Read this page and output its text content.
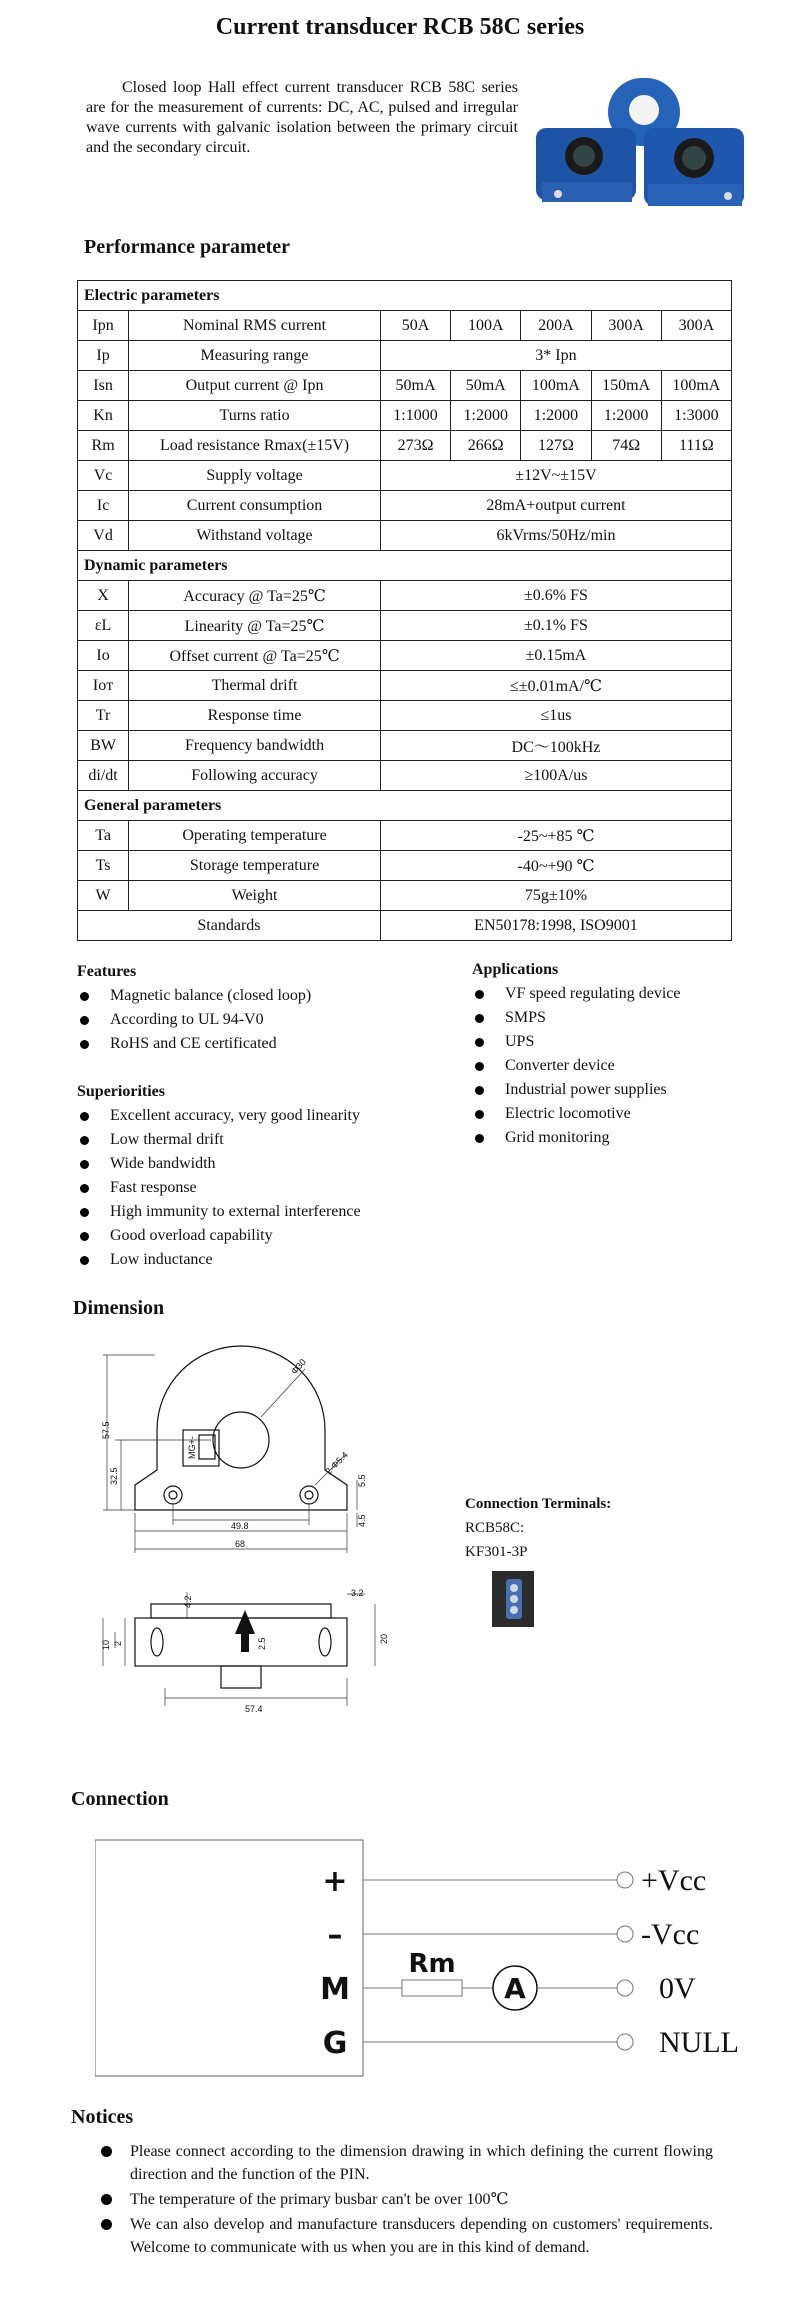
Current transducer RCB 58C series

Closed loop Hall effect current transducer RCB 58C series are for the measurement of currents: DC, AC, pulsed and irregular wave currents with galvanic isolation between the primary circuit and the secondary circuit.

Performance parameter
Electric parameters						
Ipn	Nominal RMS current	50A	100A	200A	300A	300A
Ip	Measuring range	3* Ipn				
Isn	Output current @ Ipn	50mA	50mA	100mA	150mA	100mA
Kn	Turns ratio	1:1000	1:2000	1:2000	1:2000	1:3000
Rm	Load resistance Rmax(±15V)	273Ω	266Ω	127Ω	74Ω	111Ω
Vc	Supply voltage	±12V~±15V				
Ic	Current consumption	28mA+output current				
Vd	Withstand voltage	6kVrms/50Hz/min				
Dynamic parameters						
X	Accuracy @ Ta=25℃	±0.6% FS				
εL	Linearity @ Ta=25℃	±0.1% FS				
Io	Offset current @ Ta=25℃	±0.15mA				
Ioт	Thermal drift	≤±0.01mA/℃				
Tr	Response time	≤1us				
BW	Frequency bandwidth	DC～100kHz				
di/dt	Following accuracy	≥100A/us				
General parameters						
Ta	Operating temperature	-25~+85 ℃				
Ts	Storage temperature	-40~+90 ℃				
W	Weight	75g±10%				
Standards		EN50178:1998, ISO9001				
Features
Magnetic balance (closed loop)
According to UL 94-V0
RoHS and CE certificated
Superiorities
Excellent accuracy, very good linearity
Low thermal drift
Wide bandwidth
Fast response
High immunity to external interference
Good overload capability
Low inductance
Applications
VF speed regulating device
SMPS
UPS
Converter device
Industrial power supplies
Electric locomotive
Grid monitoring
Dimension
57.5
32.5
Φ30
2-Φ5.4
MG+-
49.8
68
5.5
4.5
10 2
4.2
2.5
3.2
20
57.4
Connection Terminals:
RCB58C:
KF301-3P
Connection
+
–
M
G
Rm
A
+Vcc
-Vcc
0V
NULL
Notices
Please connect according to the dimension drawing in which defining the current flowing direction and the function of the PIN.
The temperature of the primary busbar can't be over 100℃
We can also develop and manufacture transducers depending on customers' requirements. Welcome to communicate with us when you are in this kind of demand.
